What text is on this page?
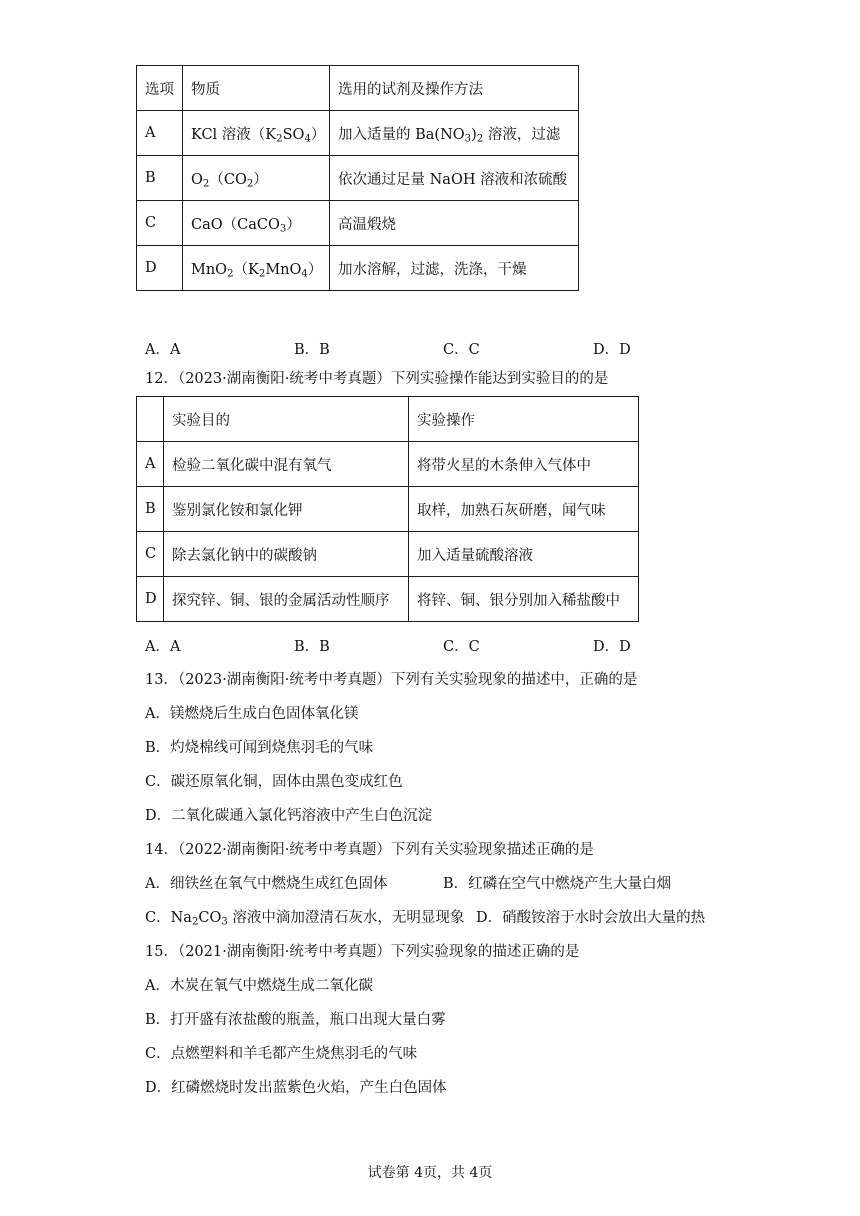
选项	物质	选用的试剂及操作方法
A	KCl 溶液$(K_2SO_4)$	加入适量的 $Ba(NO_3)_2$ 溶液，过滤
B	$O_2(CO_2)$	依次通过足量 NaOH 溶液和浓硫酸
C	CaO（CaCO$_3$）	高温煅烧
D	$MnO_2(K_2MnO_4)$	加水溶解，过滤，洗涤，干燥
A．A	B．B	C．C	D．D
12．（2023·湖南衡阳·统考中考真题）下列实验操作能达到实验目的的是
	实验目的	实验操作
A	检验二氧化碳中混有氧气	将带火星的木条伸入气体中
B	鉴别氯化铵和氯化钾	取样，加熟石灰研磨，闻气味
C	除去氯化钠中的碳酸钠	加入适量硫酸溶液
D	探究锌、铜、银的金属活动性顺序	将锌、铜、银分别加入稀盐酸中
A．A	B．B	C．C	D．D
13．（2023·湖南衡阳·统考中考真题）下列有关实验现象的描述中，正确的是
A．镁燃烧后生成白色固体氧化镁
B．灼烧棉线可闻到烧焦羽毛的气味
C．碳还原氧化铜，固体由黑色变成红色
D．二氧化碳通入氯化钙溶液中产生白色沉淀
14．（2022·湖南衡阳·统考中考真题）下列有关实验现象描述正确的是
A．细铁丝在氧气中燃烧生成红色固体	B．红磷在空气中燃烧产生大量白烟
C．$Na_2CO_3$ 溶液中滴加澄清石灰水，无明显现象 D．硝酸铵溶于水时会放出大量的热
15．（2021·湖南衡阳·统考中考真题）下列实验现象的描述正确的是
A．木炭在氧气中燃烧生成二氧化碳
B．打开盛有浓盐酸的瓶盖，瓶口出现大量白雾
C．点燃塑料和羊毛都产生烧焦羽毛的气味
D．红磷燃烧时发出蓝紫色火焰，产生白色固体
试卷第 4页，共 4页
